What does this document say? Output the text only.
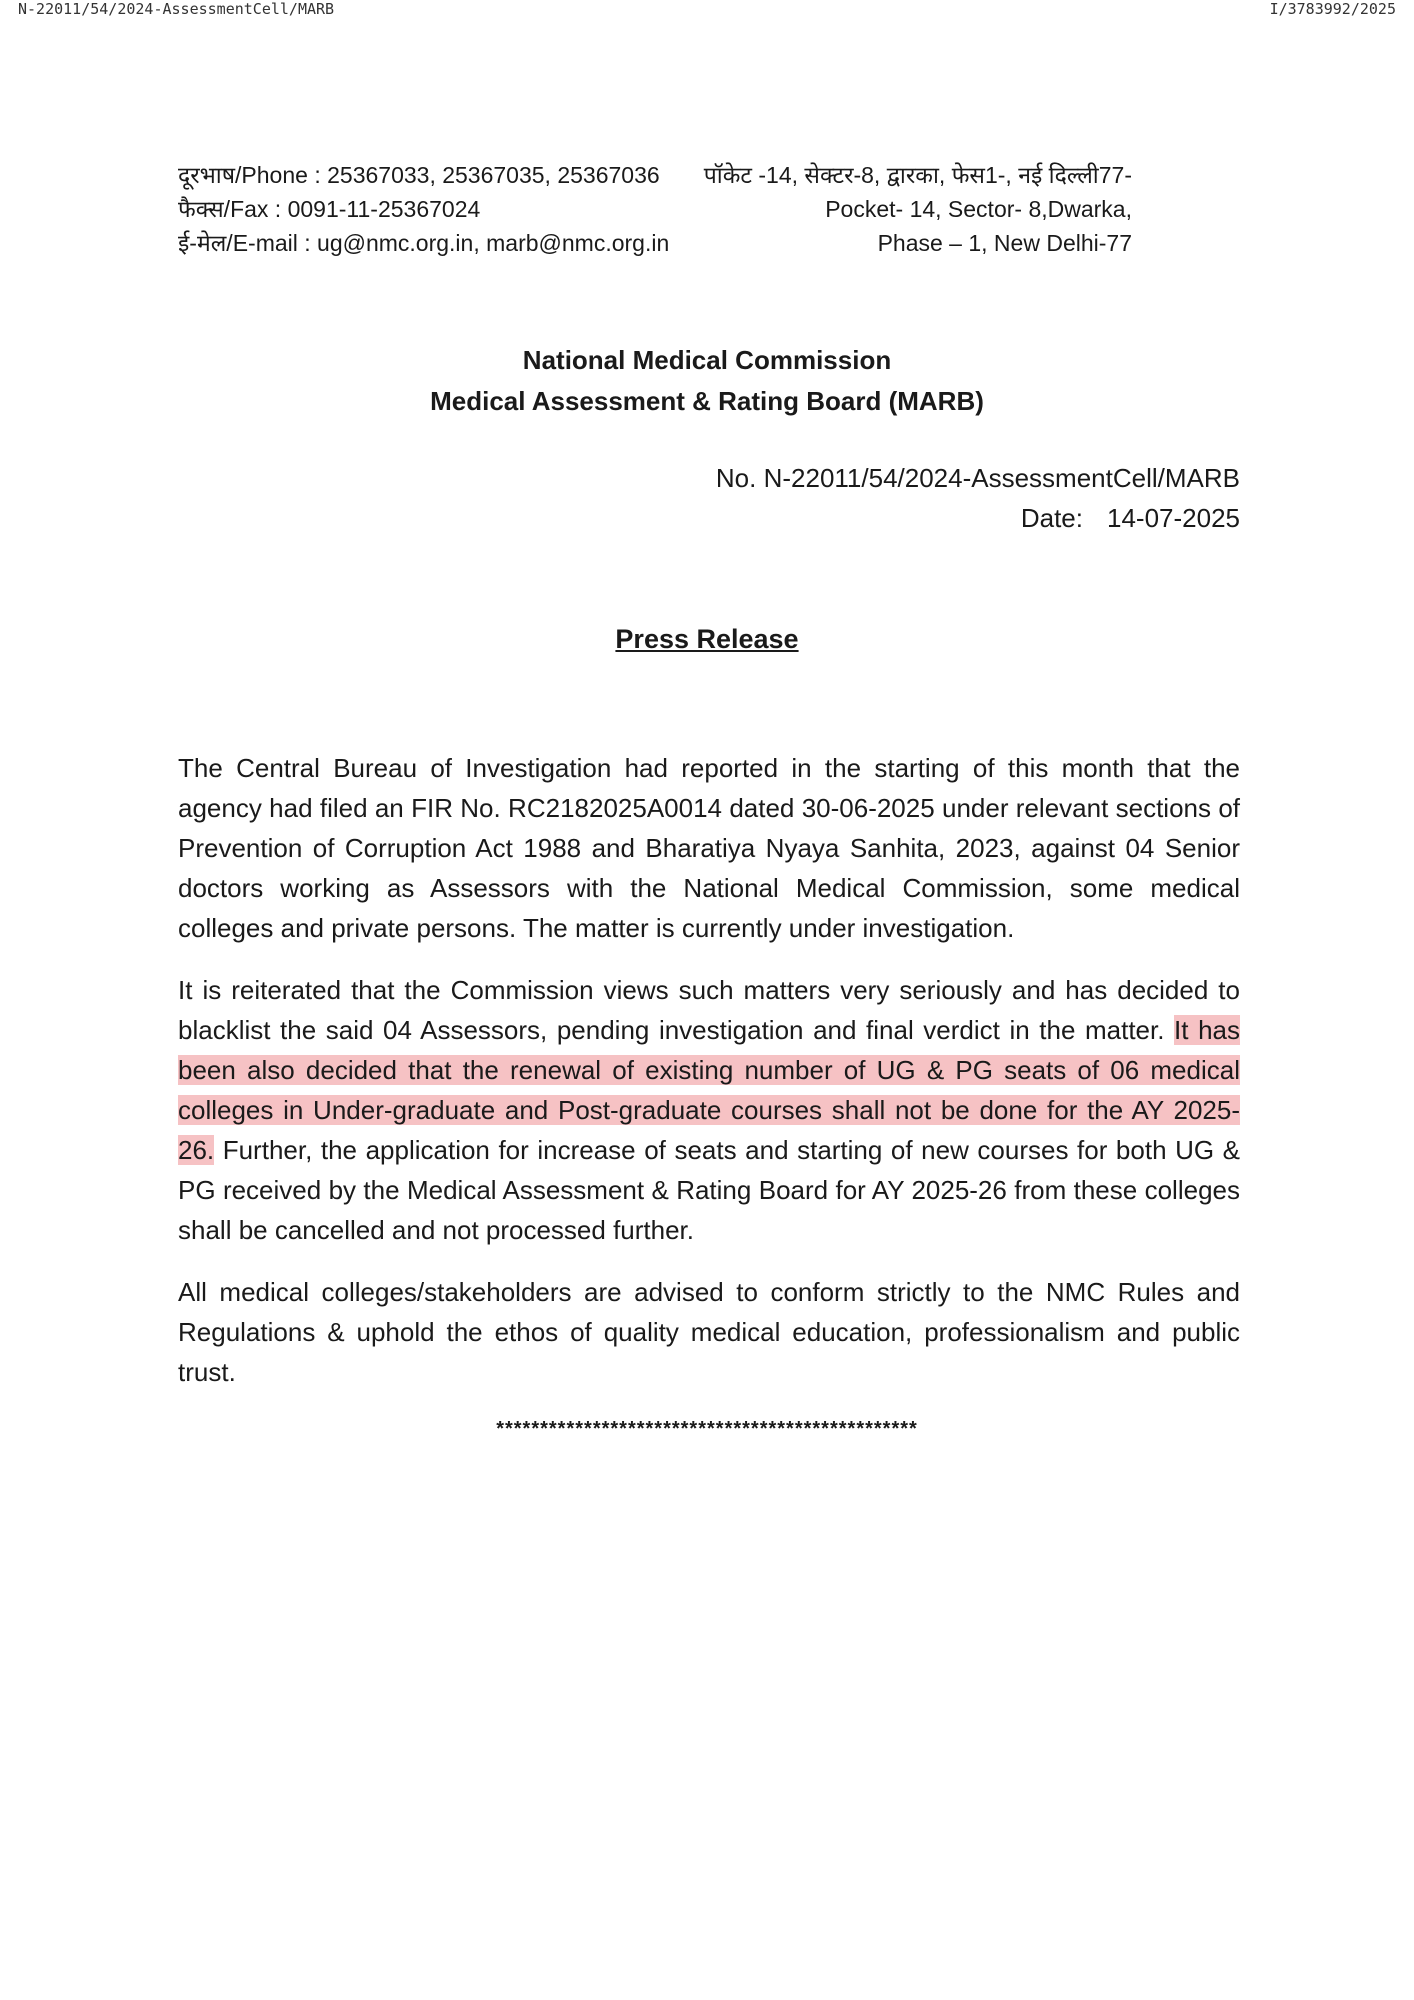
N-22011/54/2024-AssessmentCell/MARB	I/3783992/2025
दूरभाष/Phone : 25367033, 25367035, 25367036
फैक्स/Fax : 0091-11-25367024
ई-मेल/E-mail : ug@nmc.org.in, marb@nmc.org.in
पॉकेट -14, सेक्टर-8, द्वारका, फेस1-, नई दिल्ली77-
Pocket- 14, Sector- 8,Dwarka,
Phase – 1, New Delhi-77
National Medical Commission
Medical Assessment & Rating Board (MARB)
No. N-22011/54/2024-AssessmentCell/MARB
Date: 14-07-2025
Press Release

The Central Bureau of Investigation had reported in the starting of this month that the agency had filed an FIR No. RC2182025A0014 dated 30-06-2025 under relevant sections of Prevention of Corruption Act 1988 and Bharatiya Nyaya Sanhita, 2023, against 04 Senior doctors working as Assessors with the National Medical Commission, some medical colleges and private persons. The matter is currently under investigation.

It is reiterated that the Commission views such matters very seriously and has decided to blacklist the said 04 Assessors, pending investigation and final verdict in the matter. It has been also decided that the renewal of existing number of UG & PG seats of 06 medical colleges in Under-graduate and Post-graduate courses shall not be done for the AY 2025-26. Further, the application for increase of seats and starting of new courses for both UG & PG received by the Medical Assessment & Rating Board for AY 2025-26 from these colleges shall be cancelled and not processed further.

All medical colleges/stakeholders are advised to conform strictly to the NMC Rules and Regulations & uphold the ethos of quality medical education, professionalism and public trust.

************************************************
